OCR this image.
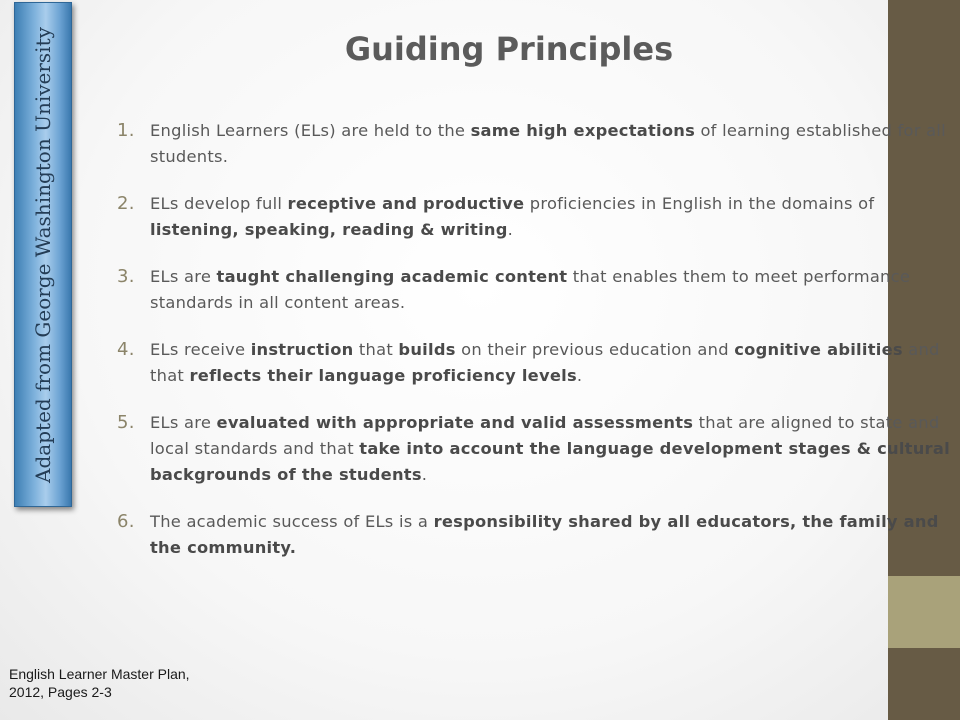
Adapted from George Washington University	Guiding Principles
1. English Learners (ELs) are held to the same high expectations of learning established for all students.
2. ELs develop full receptive and productive proficiencies in English in the domains of listening, speaking, reading & writing.
3. ELs are taught challenging academic content that enables them to meet performance standards in all content areas.
4. ELs receive instruction that builds on their previous education and cognitive abilities and that reflects their language proficiency levels.
5. ELs are evaluated with appropriate and valid assessments that are aligned to state and local standards and that take into account the language development stages & cultural backgrounds of the students.
6. The academic success of ELs is a responsibility shared by all educators, the family and the community.
English Learner Master Plan, 2012, Pages 2-3
